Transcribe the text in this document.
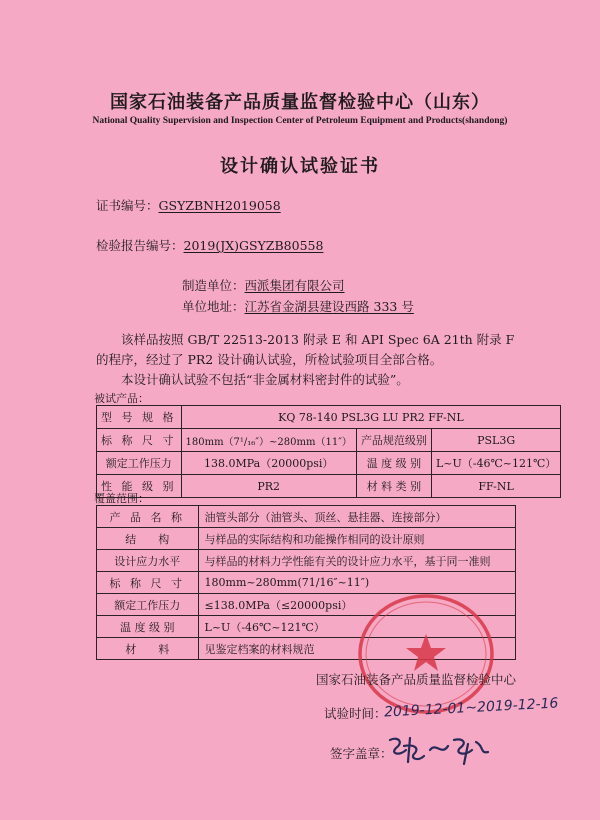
国家石油装备产品质量监督检验中心（山东）
National Quality Supervision and Inspection Center of Petroleum Equipment and Products(shandong)
设计确认试验证书
证书编号：GSYZBNH2019058
检验报告编号：2019(JX)GSYZB80558
制造单位：西派集团有限公司
单位地址：江苏省金湖县建设西路 333 号

该样品按照 GB/T 22513-2013 附录 E 和 API Spec 6A 21th 附录 F 的程序，经过了 PR2 设计确认试验，所检试验项目全部合格。

本设计确认试验不包括“非金属材料密封件的试验”。

被试产品：
型 号 规 格	KQ 78-140 PSL3G LU PR2 FF-NL		
标 称 尺 寸	180mm（7¹/₁₆″）~280mm（11″）	产品规范级别	PSL3G
额定工作压力	138.0MPa（20000psi）	温 度 级 别	L~U（-46℃~121℃）
性 能 级 别	PR2	材 料 类 别	FF-NL
覆盖范围：
产 品 名 称	油管头部分（油管头、顶丝、悬挂器、连接部分）
结　　构	与样品的实际结构和功能操作相同的设计原则
设计应力水平	与样品的材料力学性能有关的设计应力水平，基于同一准则
标 称 尺 寸	180mm~280mm(71/16″~11″)
额定工作压力	≤138.0MPa（≤20000psi）
温 度 级 别	L~U（-46℃~121℃）
材　　料	见鉴定档案的材料规范
国家石油装备产品质量监督检验中心
试验时间：
2019-12-01~2019-12-16
签字盖章：
